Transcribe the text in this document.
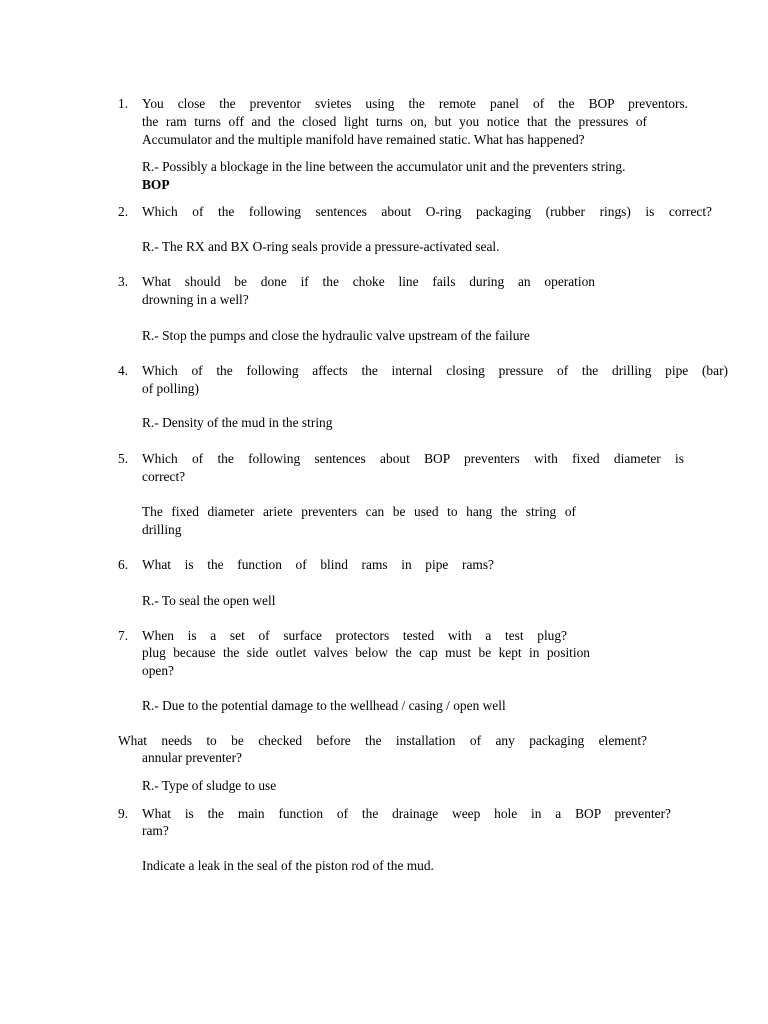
1. You close the preventor svietes using the remote panel of the BOP preventors.
the ram turns off and the closed light turns on, but you notice that the pressures of
Accumulator and the multiple manifold have remained static. What has happened?
R.- Possibly a blockage in the line between the accumulator unit and the preventers string.
BOP
2. Which of the following sentences about O-ring packaging (rubber rings) is correct?
R.- The RX and BX O-ring seals provide a pressure-activated seal.
3. What should be done if the choke line fails during an operation
drowning in a well?
R.- Stop the pumps and close the hydraulic valve upstream of the failure
4. Which of the following affects the internal closing pressure of the drilling pipe (bar)
of polling)
R.- Density of the mud in the string
5. Which of the following sentences about BOP preventers with fixed diameter is
correct?
The fixed diameter ariete preventers can be used to hang the string of
drilling
6. What is the function of blind rams in pipe rams?
R.- To seal the open well
7. When is a set of surface protectors tested with a test plug?
plug because the side outlet valves below the cap must be kept in position
open?
R.- Due to the potential damage to the wellhead / casing / open well
What needs to be checked before the installation of any packaging element?
annular preventer?
R.- Type of sludge to use
9. What is the main function of the drainage weep hole in a BOP preventer?
ram?
Indicate a leak in the seal of the piston rod of the mud.
